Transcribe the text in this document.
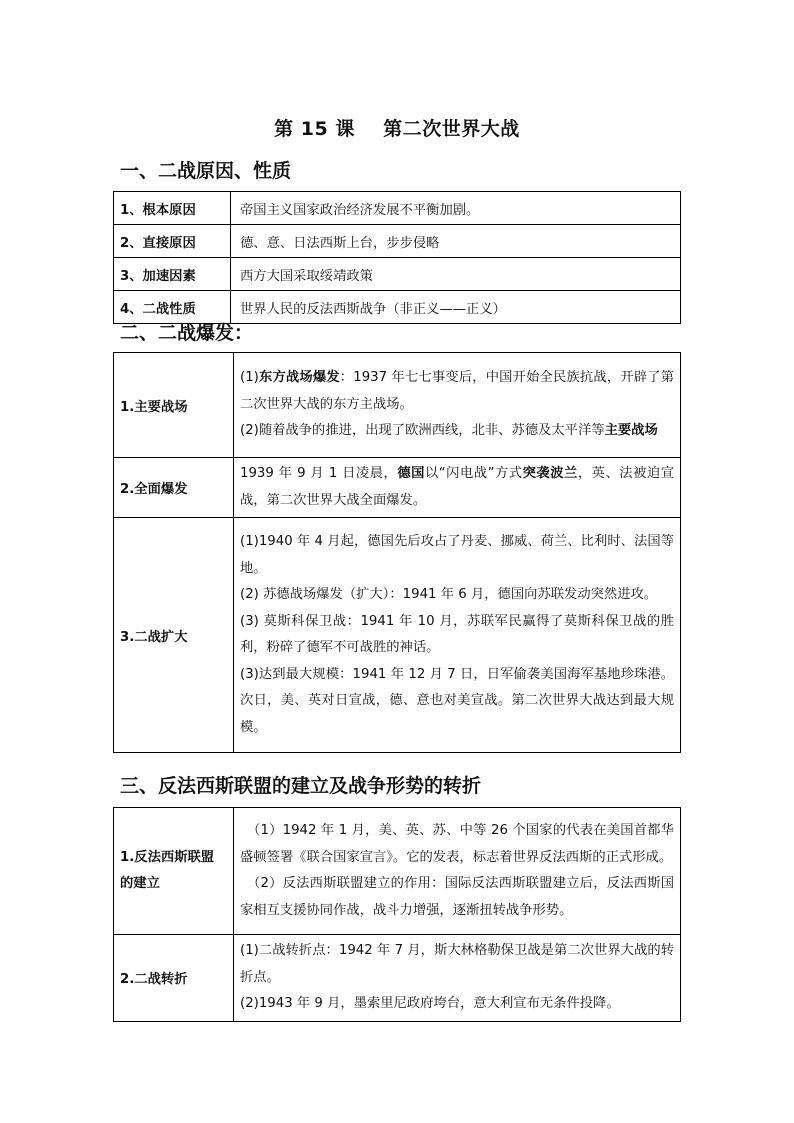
第 15 课    第二次世界大战
一、二战原因、性质
1、根本原因	帝国主义国家政治经济发展不平衡加剧。
2、直接原因	德、意、日法西斯上台，步步侵略
3、加速因素	西方大国采取绥靖政策
4、二战性质	世界人民的反法西斯战争（非正义——正义）
二、二战爆发：
1.主要战场	(1)东方战场爆发：1937 年七七事变后，中国开始全民族抗战，开辟了第二次世界大战的东方主战场。
(2)随着战争的推进，出现了欧洲西线，北非、苏德及太平洋等主要战场

2.全面爆发	1939 年 9 月 1 日凌晨，德国以“闪电战”方式突袭波兰，英、法被迫宣战，第二次世界大战全面爆发。

3.二战扩大	(1)1940 年 4 月起，德国先后攻占了丹麦、挪威、荷兰、比利时、法国等地。
(2) 苏德战场爆发（扩大）：1941 年 6 月，德国向苏联发动突然进攻。
(3) 莫斯科保卫战：1941 年 10 月，苏联军民赢得了莫斯科保卫战的胜利，粉碎了德军不可战胜的神话。
(3)达到最大规模：1941 年 12 月 7 日，日军偷袭美国海军基地珍珠港。次日，美、英对日宣战，德、意也对美宣战。第二次世界大战达到最大规模。
三、反法西斯联盟的建立及战争形势的转折
1.反法西斯联盟的建立	（1）1942 年 1 月，美、英、苏、中等 26 个国家的代表在美国首都华盛顿签署《联合国家宣言》。它的发表，标志着世界反法西斯的正式形成。
（2）反法西斯联盟建立的作用：国际反法西斯联盟建立后，反法西斯国家相互支援协同作战，战斗力增强，逐渐扭转战争形势。

2.二战转折	(1)二战转折点：1942 年 7 月，斯大林格勒保卫战是第二次世界大战的转折点。
(2)1943 年 9 月，墨索里尼政府垮台，意大利宣布无条件投降。
